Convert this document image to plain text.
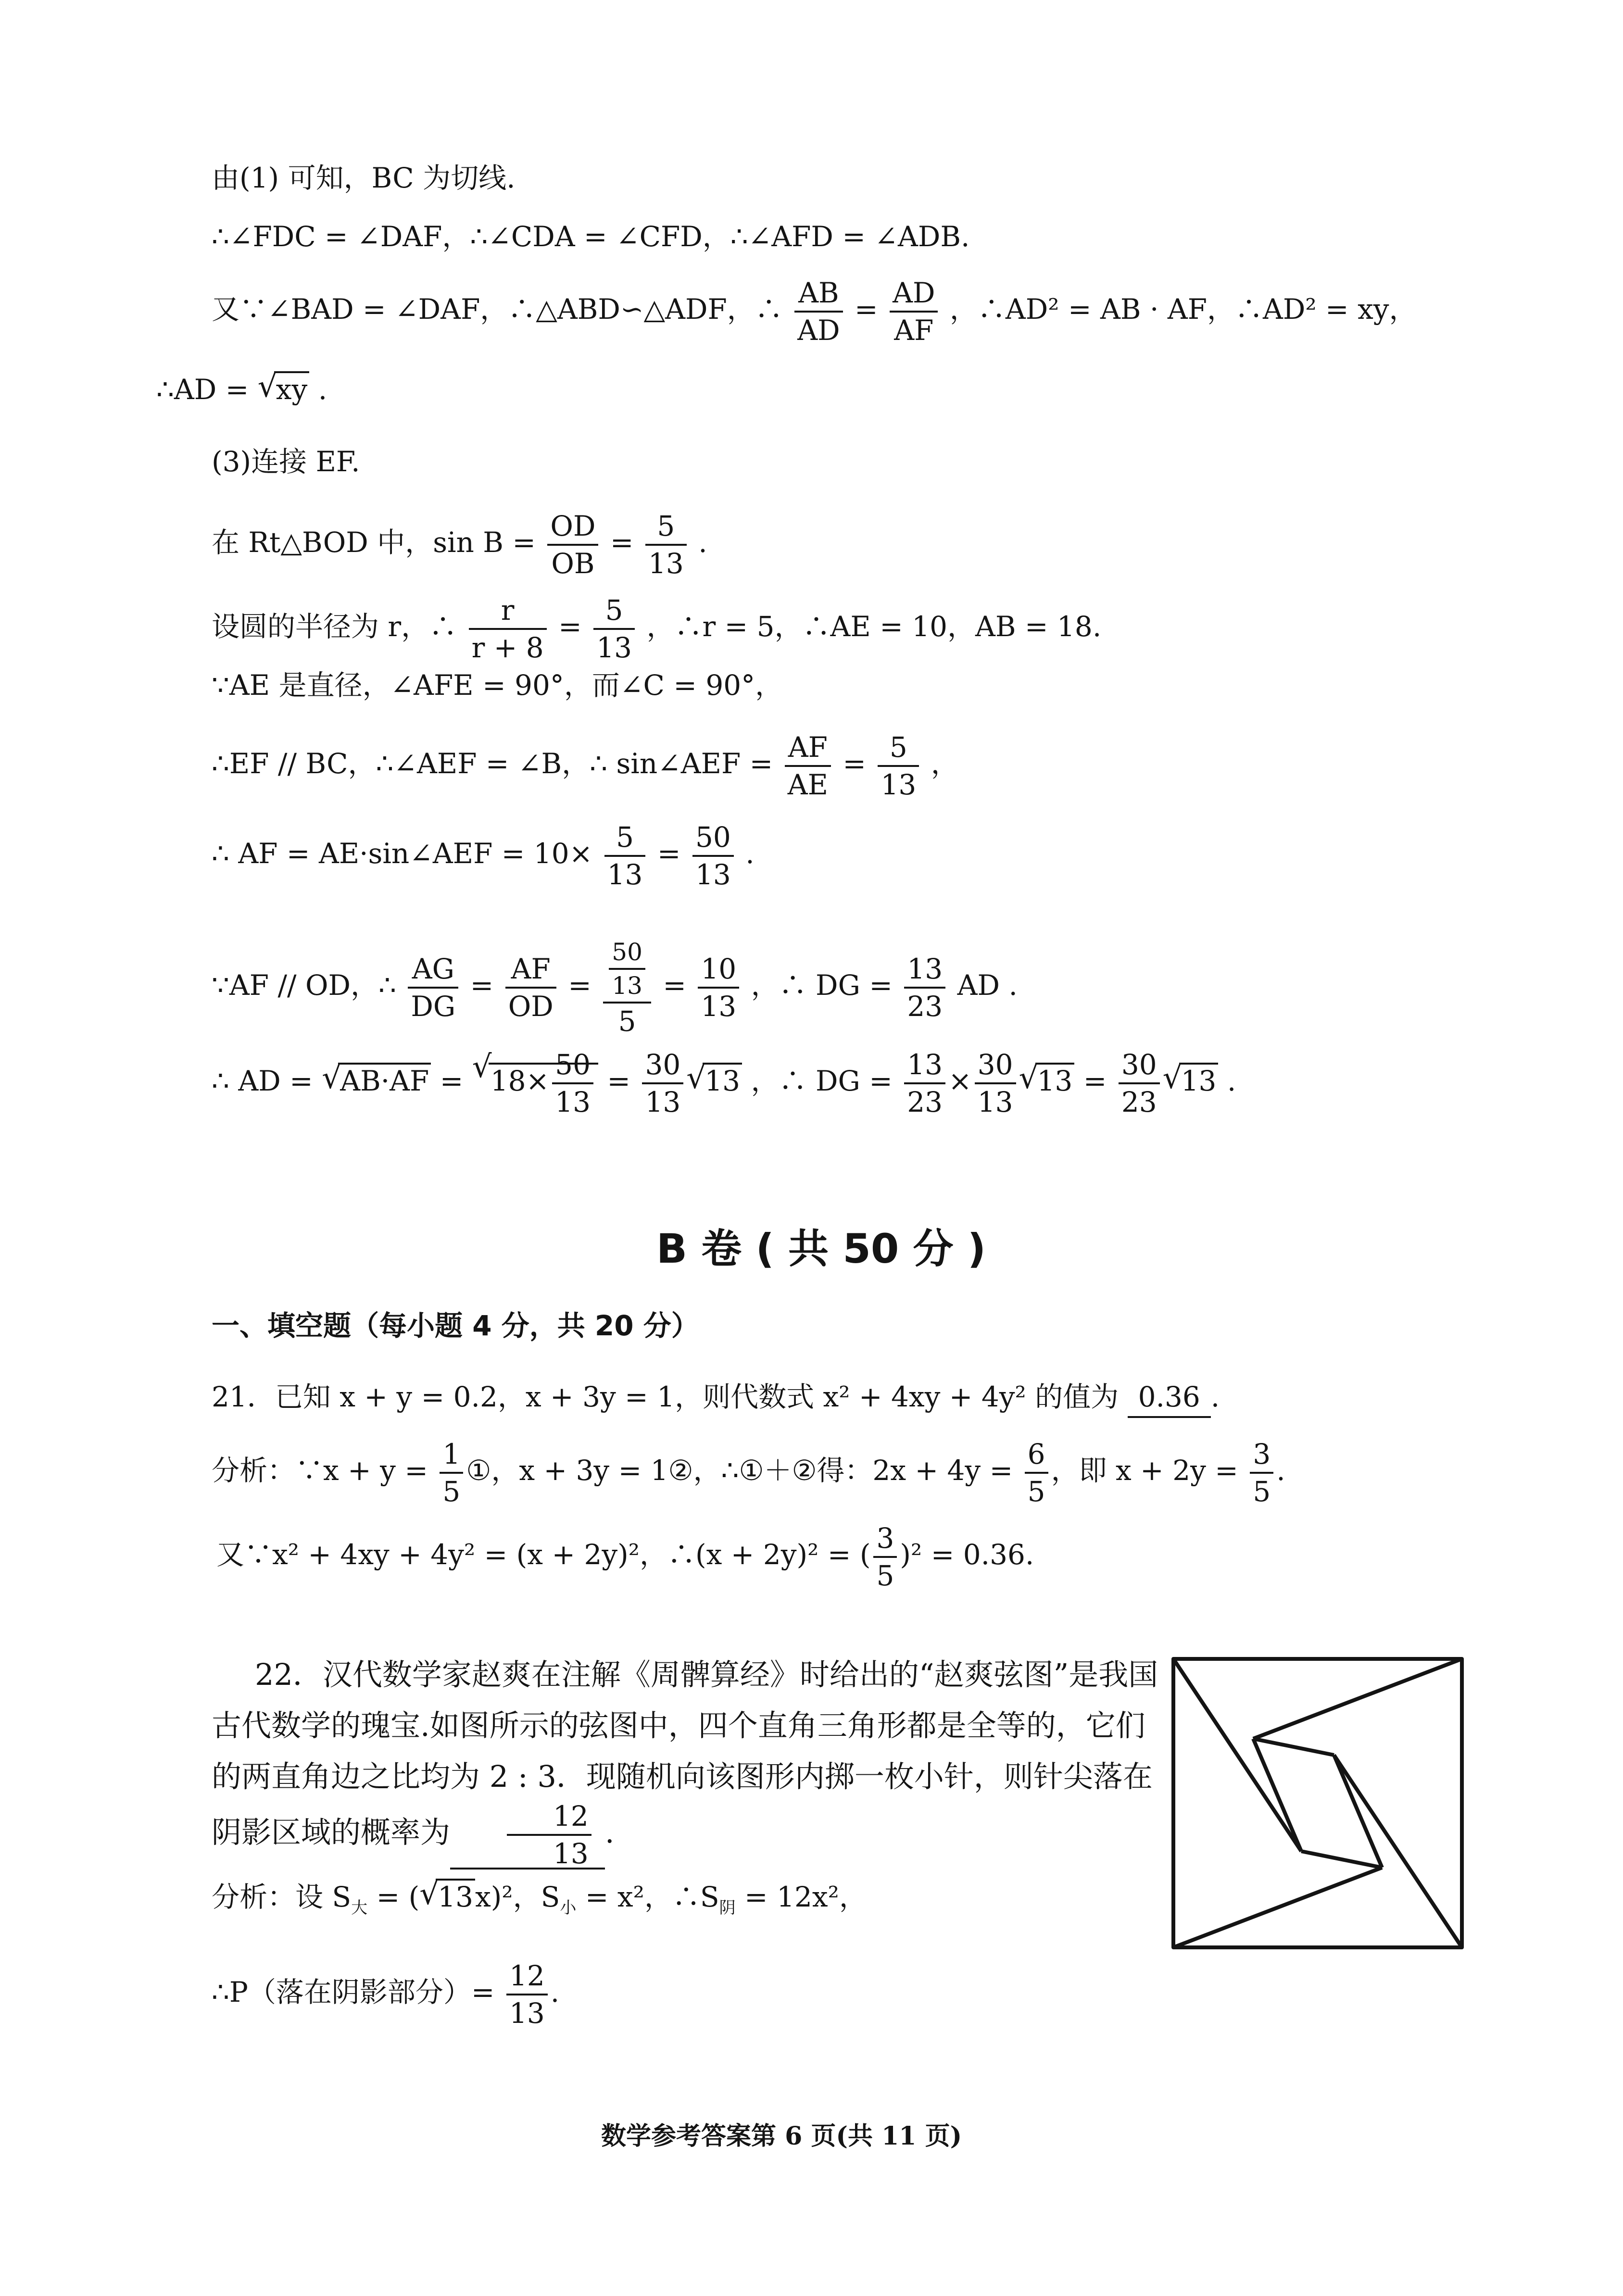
由(1) 可知，BC 为切线.
∴∠FDC = ∠DAF，∴∠CDA = ∠CFD，∴∠AFD = ∠ADB.
又∵∠BAD = ∠DAF，∴△ABD∽△ADF，∴ $\frac{AB}{AD} = \frac{AD}{AF}$ ，∴AD² = AB · AF，∴AD² = xy，
∴AD = √ xy .
(3)连接 EF.
在 Rt△BOD 中，$\sin B = \frac{OD}{OB} = \frac{5}{13}$ .
设圆的半径为 r，∴ $\frac{r}{r + 8} = \frac{5}{13}$ ，∴r = 5，∴AE = 10，AB = 18.
∵AE 是直径，∠AFE = 90°，而∠C = 90°，
∴EF // BC，∴∠AEF = ∠B，∴ sin∠AEF = $\frac{AF}{AE} = \frac{5}{13}$ ，
∴ AF = AE·sin∠AEF = $10\times \frac{5}{13} = \frac{50}{13}$ .
∵AF // OD，∴ $\frac{AG}{DG} = \frac{AF}{OD} = \frac{\frac{50}{13}}{5} = \frac{10}{13}$ ，∴ DG = $\frac{13}{23}$ AD .
∴ AD = √ AB·AF = √ $18\times \frac{50}{13} = \frac{30}{13}$ √ 13 ，∴ DG = $\frac{13}{23} \times \frac{30}{13}$ √ $13 = \frac{30}{23}$ √ 13 .
B 卷 ( 共 50 分 )
一、填空题（每小题 4 分，共 20 分）
21．已知 x + y = 0.2，x + 3y = 1，则代数式 x² + 4xy + 4y² 的值为 0.36 .
分析：∵x + $y = \frac{1}{5}$ ①，x + 3y = 1②，∴①＋②得：$2x + 4y = \frac{6}{5}$ ，即 $x + 2y = \frac{3}{5}$ .
又∵x² + 4xy + 4y² = (x + 2y)²，∴(x + 2y)² = ( $\frac{3}{5} )^2 = 0.36$.
22．汉代数学家赵爽在注解《周髀算经》时给出的“赵爽弦图”是我国古代数学的瑰宝.如图所示的弦图中，四个直角三角形都是全等的，它们的两直角边之比均为 2 : 3．现随机向该图形内掷一枚小针，则针尖落在阴影区域的概率为 $\frac{12}{13}$ .
分析：设 $S_大$ = ( √ 13x)²，$S_小 = x^2$，$\therefore S_阴 = 12x^2$，
∴P（落在阴影部分）= $\frac{12}{13}$ .
数学参考答案第 6 页(共 11 页)
